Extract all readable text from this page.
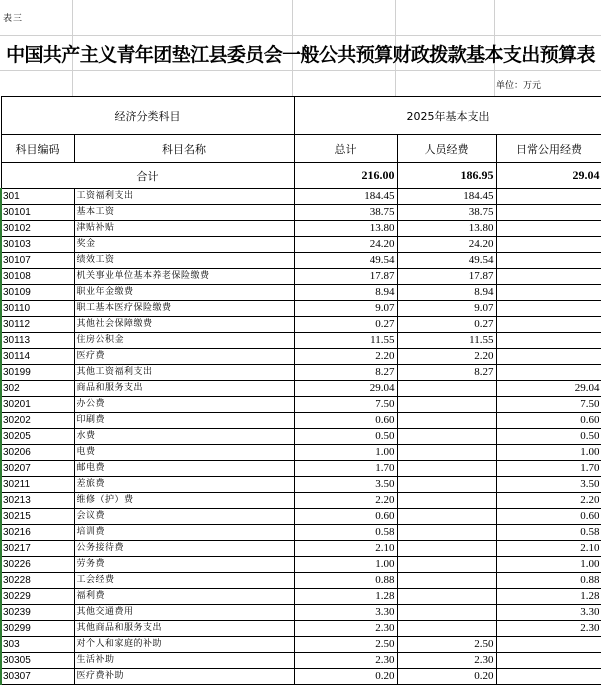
表三
中国共产主义青年团垫江县委员会一般公共预算财政拨款基本支出预算表
单位：万元
经济分类科目		2025年基本支出		
科目编码	科目名称	总计	人员经费	日常公用经费
合计		216.00	186.95	29.04
301	工资福利支出	184.45	184.45	
30101	基本工资	38.75	38.75	
30102	津贴补贴	13.80	13.80	
30103	奖金	24.20	24.20	
30107	绩效工资	49.54	49.54	
30108	机关事业单位基本养老保险缴费	17.87	17.87	
30109	职业年金缴费	8.94	8.94	
30110	职工基本医疗保险缴费	9.07	9.07	
30112	其他社会保障缴费	0.27	0.27	
30113	住房公积金	11.55	11.55	
30114	医疗费	2.20	2.20	
30199	其他工资福利支出	8.27	8.27	
302	商品和服务支出	29.04		29.04
30201	办公费	7.50		7.50
30202	印刷费	0.60		0.60
30205	水费	0.50		0.50
30206	电费	1.00		1.00
30207	邮电费	1.70		1.70
30211	差旅费	3.50		3.50
30213	维修（护）费	2.20		2.20
30215	会议费	0.60		0.60
30216	培训费	0.58		0.58
30217	公务接待费	2.10		2.10
30226	劳务费	1.00		1.00
30228	工会经费	0.88		0.88
30229	福利费	1.28		1.28
30239	其他交通费用	3.30		3.30
30299	其他商品和服务支出	2.30		2.30
303	对个人和家庭的补助	2.50	2.50	
30305	生活补助	2.30	2.30	
30307	医疗费补助	0.20	0.20	
